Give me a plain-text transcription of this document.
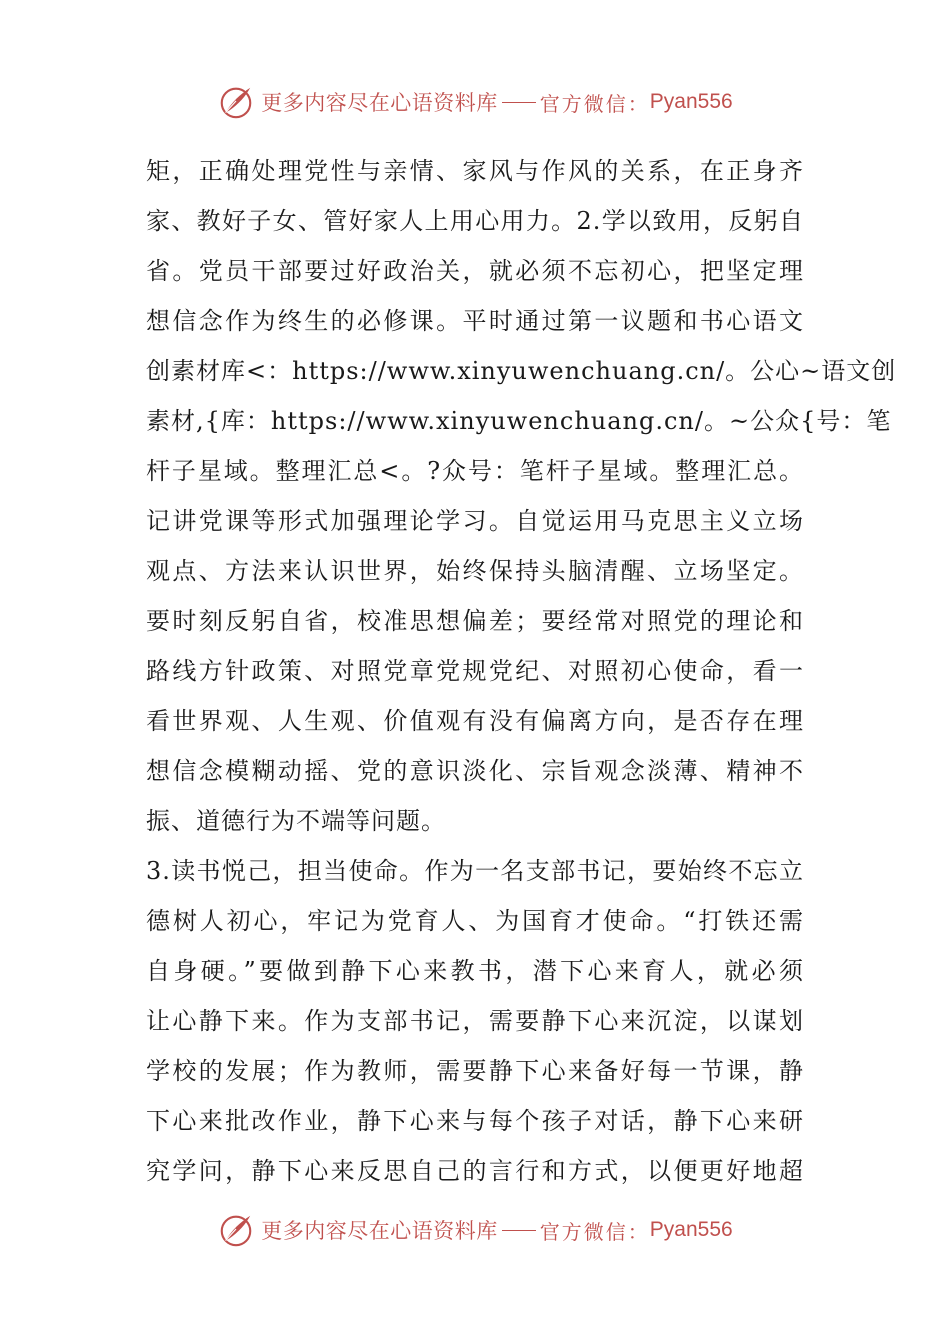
更多内容尽在心语资料库 官方微信： Pyan556
矩，正确处理党性与亲情、家风与作风的关系，在正身齐
家、教好子女、管好家人上用心用力。2.学以致用，反躬自
省。党员干部要过好政治关，就必须不忘初心，把坚定理
想信念作为终生的必修课。平时通过第一议题和书心语文
创素材库<：https://www.xinyuwenchuang.cn/。公心~语文创
素材,{库：https://www.xinyuwenchuang.cn/。~公众{号：笔
杆子星域。整理汇总<。?众号：笔杆子星域。整理汇总。
记讲党课等形式加强理论学习。自觉运用马克思主义立场
观点、方法来认识世界，始终保持头脑清醒、立场坚定。
要时刻反躬自省，校准思想偏差；要经常对照党的理论和
路线方针政策、对照党章党规党纪、对照初心使命，看一
看世界观、人生观、价值观有没有偏离方向，是否存在理
想信念模糊动摇、党的意识淡化、宗旨观念淡薄、精神不
振、道德行为不端等问题。
3.读书悦己，担当使命。作为一名支部书记，要始终不忘立
德树人初心，牢记为党育人、为国育才使命。“打铁还需
自身硬。”要做到静下心来教书，潜下心来育人，就必须
让心静下来。作为支部书记，需要静下心来沉淀，以谋划
学校的发展；作为教师，需要静下心来备好每一节课，静
下心来批改作业，静下心来与每个孩子对话，静下心来研
究学问，静下心来反思自己的言行和方式，以便更好地超
更多内容尽在心语资料库 官方微信： Pyan556
